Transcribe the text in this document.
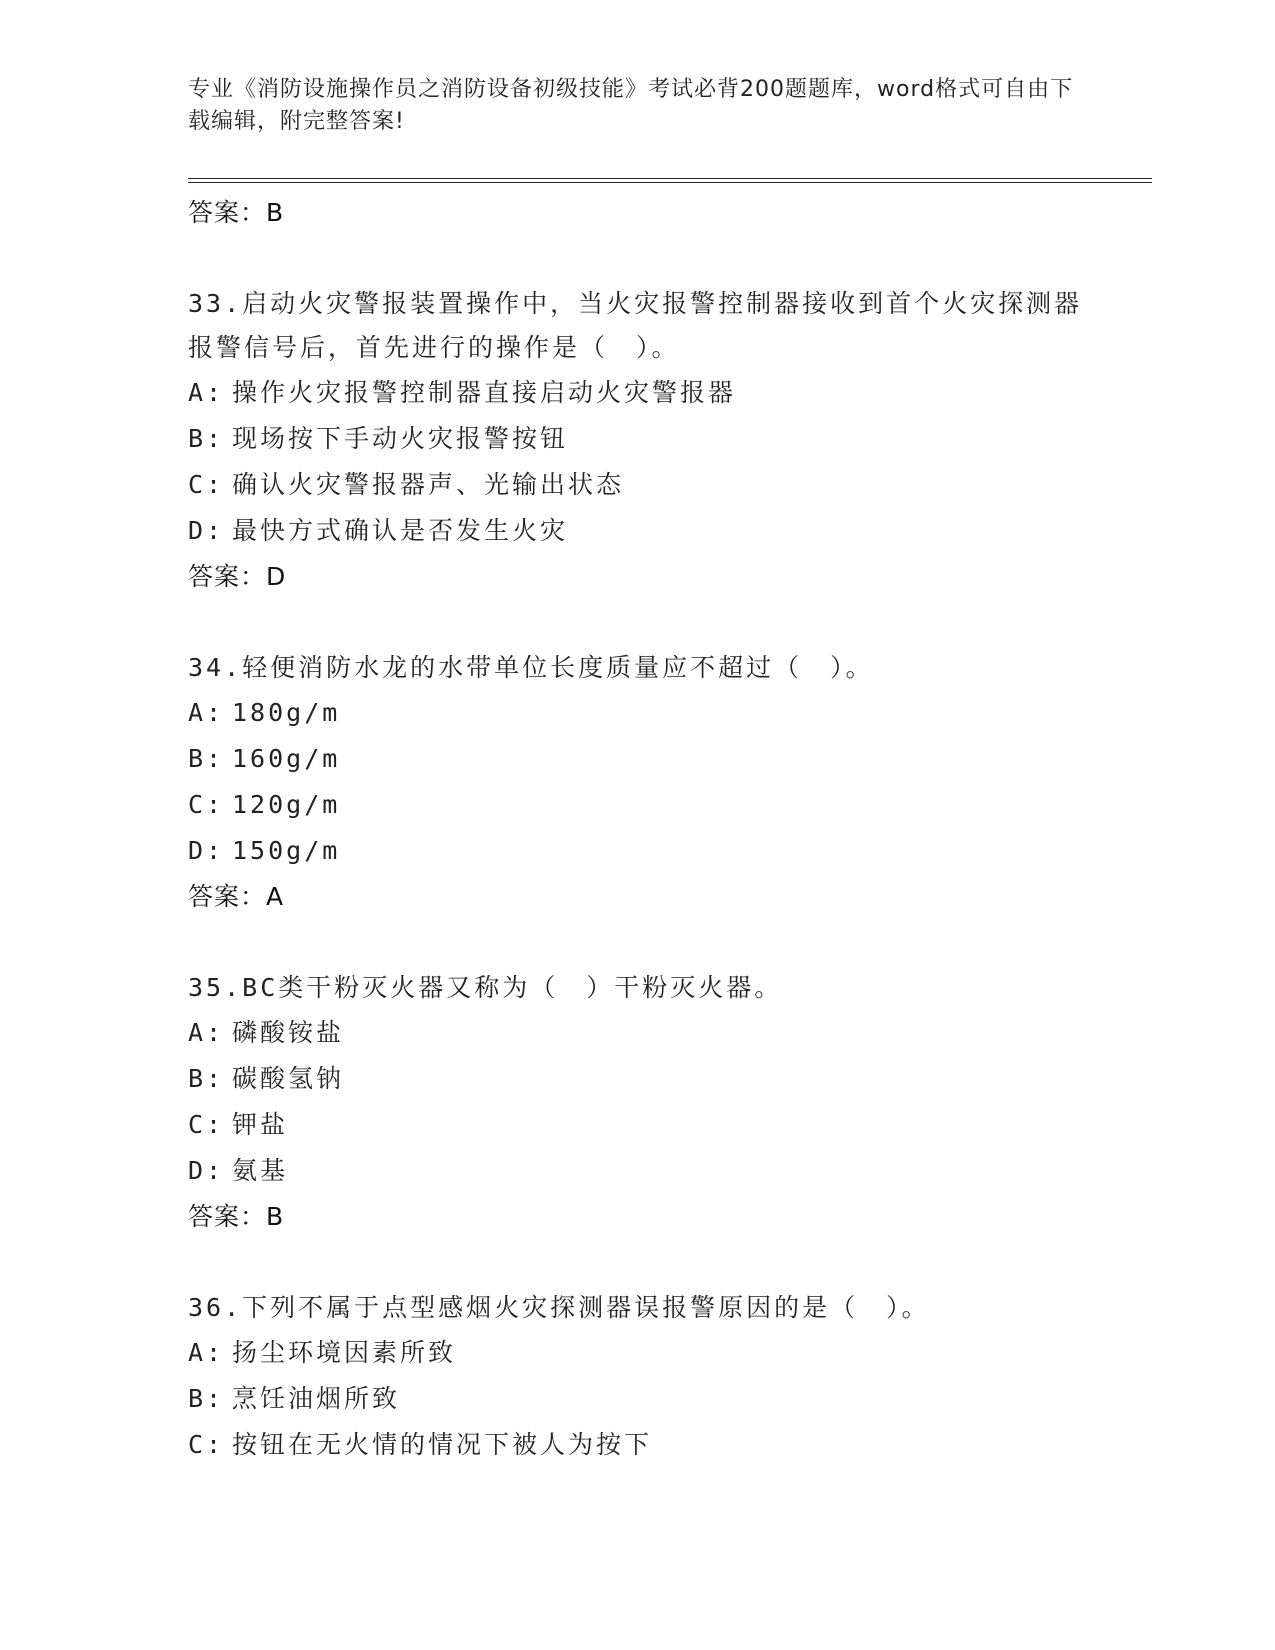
专业《消防设施操作员之消防设备初级技能》考试必背200题题库，word格式可自由下载编辑，附完整答案!
答案：B
33.启动火灾警报装置操作中，当火灾报警控制器接收到首个火灾探测器报警信号后，首先进行的操作是（　）。
A: 操作火灾报警控制器直接启动火灾警报器
B: 现场按下手动火灾报警按钮
C: 确认火灾警报器声、光输出状态
D: 最快方式确认是否发生火灾
答案：D
34.轻便消防水龙的水带单位长度质量应不超过（　）。
A: 180g/m
B: 160g/m
C: 120g/m
D: 150g/m
答案：A
35.BC类干粉灭火器又称为（　）干粉灭火器。
A: 磷酸铵盐
B: 碳酸氢钠
C: 钾盐
D: 氨基
答案：B
36.下列不属于点型感烟火灾探测器误报警原因的是（　）。
A: 扬尘环境因素所致
B: 烹饪油烟所致
C: 按钮在无火情的情况下被人为按下
